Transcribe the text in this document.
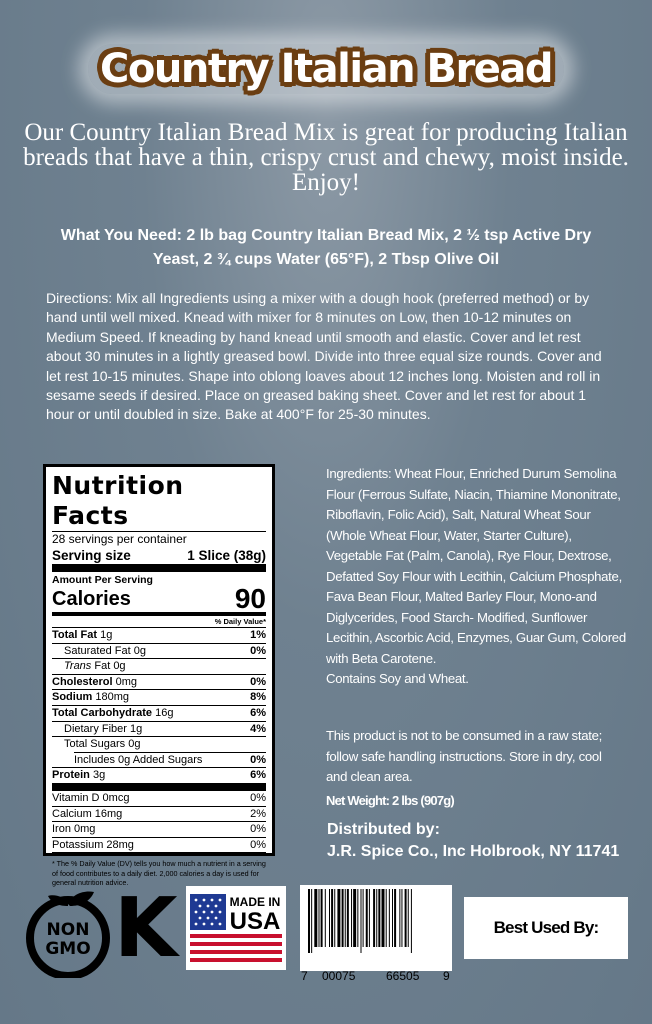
Country Italian Bread
Our Country Italian Bread Mix is great for producing Italian breads that have a thin, crispy crust and chewy, moist inside. Enjoy!
What You Need: 2 lb bag Country Italian Bread Mix, 2 ½ tsp Active Dry Yeast, 2 ¾ cups Water (65°F), 2 Tbsp Olive Oil
Directions: Mix all Ingredients using a mixer with a dough hook (preferred method) or by hand until well mixed. Knead with mixer for 8 minutes on Low, then 10-12 minutes on Medium Speed. If kneading by hand knead until smooth and elastic. Cover and let rest about 30 minutes in a lightly greased bowl. Divide into three equal size rounds. Cover and let rest 10-15 minutes. Shape into oblong loaves about 12 inches long. Moisten and roll in sesame seeds if desired. Place on greased baking sheet. Cover and let rest for about 1 hour or until doubled in size. Bake at 400°F for 25-30 minutes.
Nutrition Facts
28 servings per container
Serving size	1 Slice (38g)
Amount Per Serving
Calories	90
% Daily Value*
Total Fat 1g	1%
Saturated Fat 0g	0%
Trans Fat 0g
Cholesterol 0mg	0%
Sodium 180mg	8%
Total Carbohydrate 16g	6%
Dietary Fiber 1g	4%
Total Sugars 0g
Includes 0g Added Sugars	0%
Protein 3g	6%
Vitamin D 0mcg	0%
Calcium 16mg	2%
Iron 0mg	0%
Potassium 28mg	0%
* The % Daily Value (DV) tells you how much a nutrient in a serving of food contributes to a daily diet. 2,000 calories a day is used for general nutrition advice.
Ingredients: Wheat Flour, Enriched Durum Semolina Flour (Ferrous Sulfate, Niacin, Thiamine Mononitrate, Riboflavin, Folic Acid), Salt, Natural Wheat Sour (Whole Wheat Flour, Water, Starter Culture), Vegetable Fat (Palm, Canola), Rye Flour, Dextrose, Defatted Soy Flour with Lecithin, Calcium Phosphate, Fava Bean Flour, Malted Barley Flour, Mono-and Diglycerides, Food Starch- Modified, Sunflower Lecithin, Ascorbic Acid, Enzymes, Guar Gum, Colored with Beta Carotene.
Contains Soy and Wheat.
This product is not to be consumed in a raw state; follow safe handling instructions. Store in dry, cool and clean area.
Net Weight: 2 lbs (907g)
Distributed by:
J.R. Spice Co., Inc Holbrook, NY 11741
NON
GMO K	MADE IN
USA
7 00075	66505 9
Best Used By:
